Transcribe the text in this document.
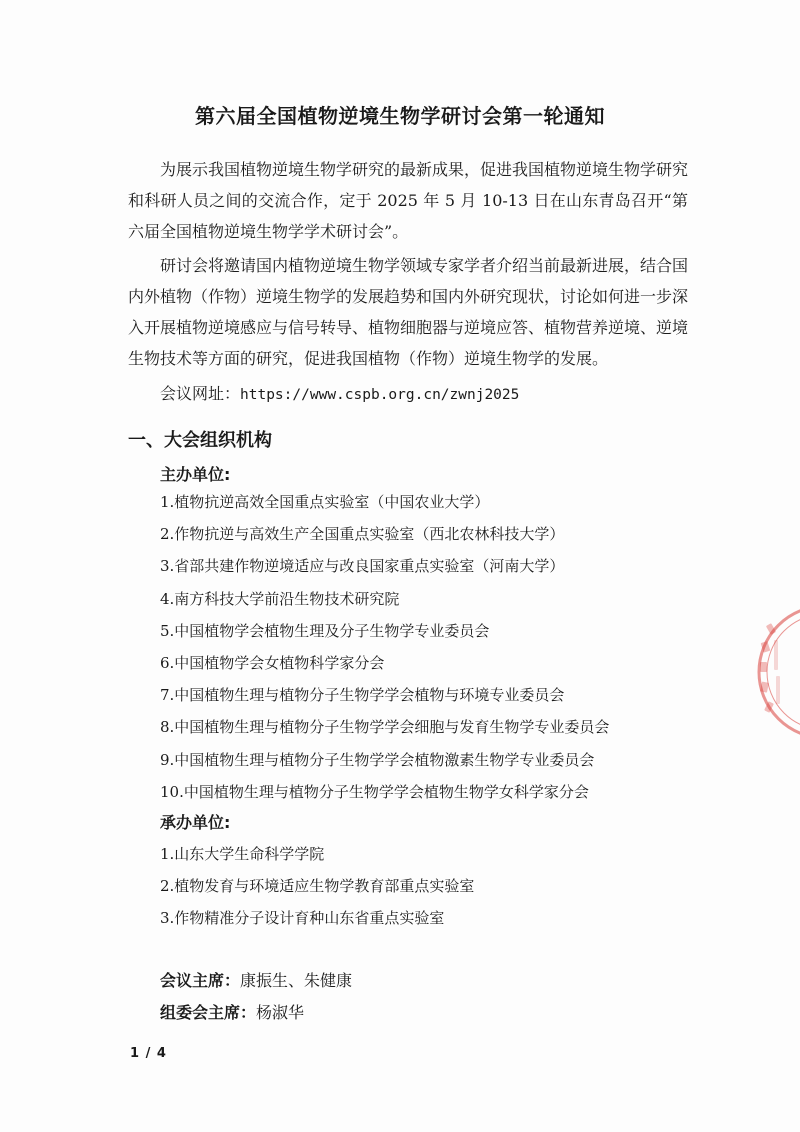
第六届全国植物逆境生物学研讨会第一轮通知

为展示我国植物逆境生物学研究的最新成果，促进我国植物逆境生物学研究和科研人员之间的交流合作，定于 2025 年 5 月 10-13 日在山东青岛召开“第六届全国植物逆境生物学学术研讨会”。

研讨会将邀请国内植物逆境生物学领域专家学者介绍当前最新进展，结合国内外植物（作物）逆境生物学的发展趋势和国内外研究现状，讨论如何进一步深入开展植物逆境感应与信号转导、植物细胞器与逆境应答、植物营养逆境、逆境生物技术等方面的研究，促进我国植物（作物）逆境生物学的发展。

会议网址：https://www.cspb.org.cn/zwnj2025
一、大会组织机构
主办单位:
1.植物抗逆高效全国重点实验室（中国农业大学）
2.作物抗逆与高效生产全国重点实验室（西北农林科技大学）
3.省部共建作物逆境适应与改良国家重点实验室（河南大学）
4.南方科技大学前沿生物技术研究院
5.中国植物学会植物生理及分子生物学专业委员会
6.中国植物学会女植物科学家分会
7.中国植物生理与植物分子生物学学会植物与环境专业委员会
8.中国植物生理与植物分子生物学学会细胞与发育生物学专业委员会
9.中国植物生理与植物分子生物学学会植物激素生物学专业委员会
10.中国植物生理与植物分子生物学学会植物生物学女科学家分会
承办单位:
1.山东大学生命科学学院
2.植物发育与环境适应生物学教育部重点实验室
3.作物精准分子设计育种山东省重点实验室
会议主席：康振生、朱健康
组委会主席：杨淑华
1 / 4
